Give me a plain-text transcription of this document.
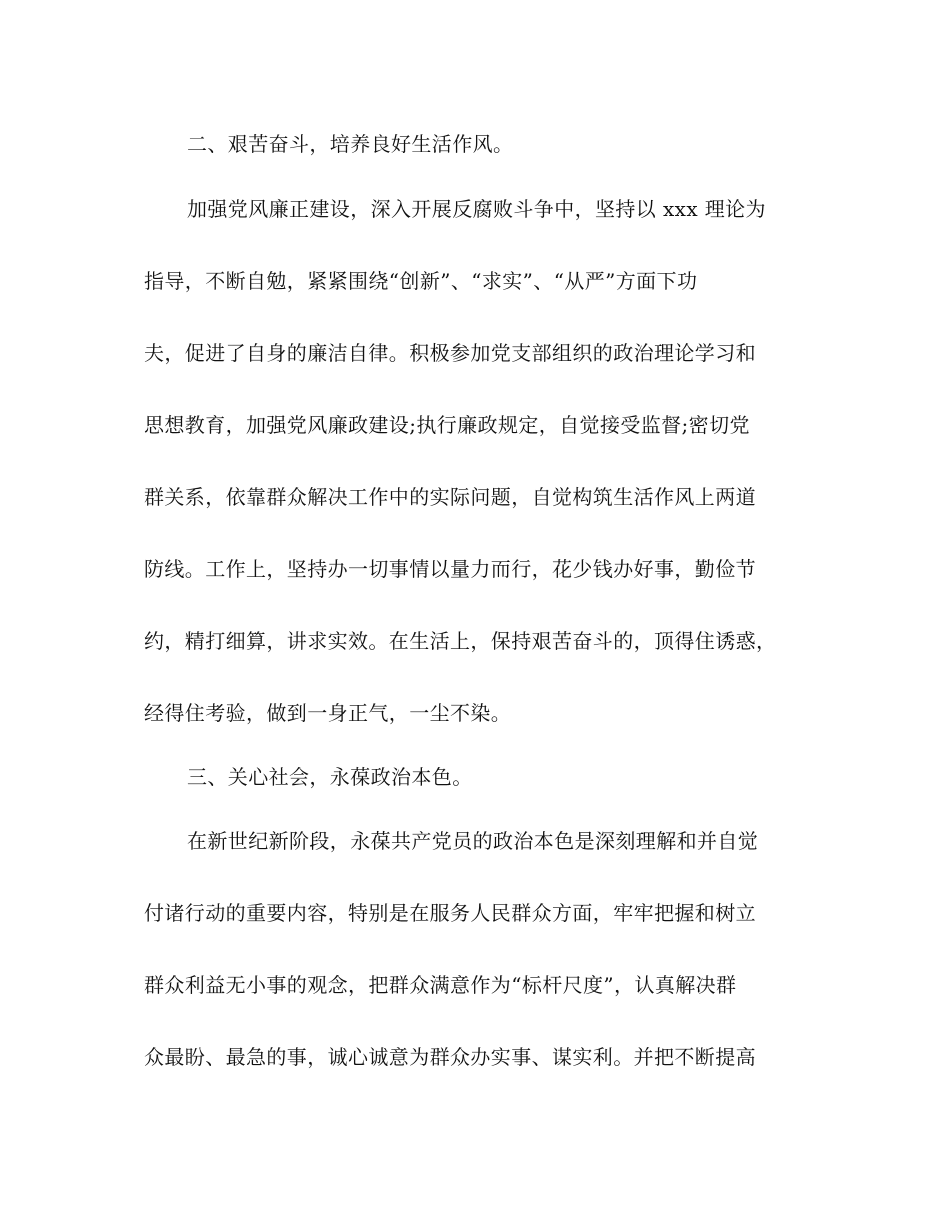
二、艰苦奋斗，培养良好生活作风。
加强党风廉正建设，深入开展反腐败斗争中，坚持以 xxx 理论为
指导，不断自勉，紧紧围绕“创新”、“求实”、“从严”方面下功
夫，促进了自身的廉洁自律。积极参加党支部组织的政治理论学习和
思想教育，加强党风廉政建设;执行廉政规定，自觉接受监督;密切党
群关系，依靠群众解决工作中的实际问题，自觉构筑生活作风上两道
防线。工作上，坚持办一切事情以量力而行，花少钱办好事，勤俭节
约，精打细算，讲求实效。在生活上，保持艰苦奋斗的，顶得住诱惑，
经得住考验，做到一身正气，一尘不染。
三、关心社会，永葆政治本色。
在新世纪新阶段，永葆共产党员的政治本色是深刻理解和并自觉
付诸行动的重要内容，特别是在服务人民群众方面，牢牢把握和树立
群众利益无小事的观念，把群众满意作为“标杆尺度”，认真解决群
众最盼、最急的事，诚心诚意为群众办实事、谋实利。并把不断提高
